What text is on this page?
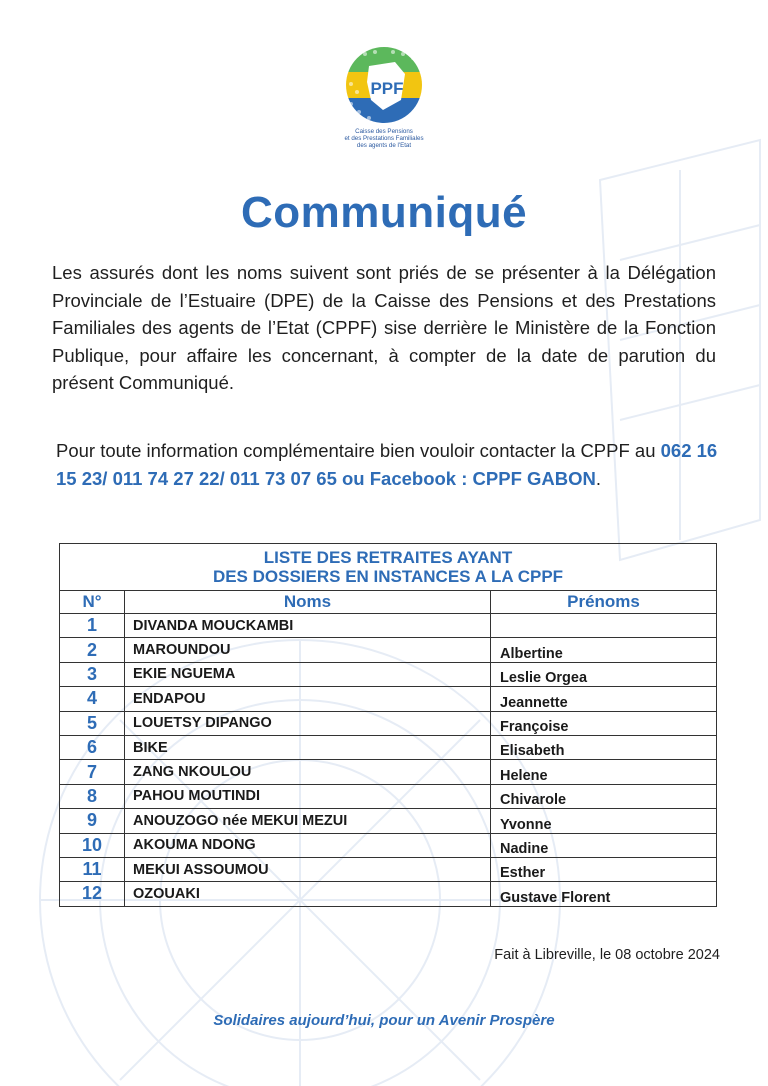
PPF
Caisse des Pensions
et des Prestations Familiales
des agents de l'Etat
Communiqué
Les assurés dont les noms suivent sont priés de se présenter à la Délégation Provinciale de l’Estuaire (DPE) de la Caisse des Pensions et des Prestations Familiales des agents de l’Etat (CPPF) sise derrière le Ministère de la Fonction Publique, pour affaire les concernant, à compter de la date de parution du présent Communiqué.
Pour toute information complémentaire bien vouloir contacter la CPPF au 062 16 15 23/ 011 74 27 22/ 011 73 07 65 ou Facebook : CPPF GABON.
LISTE DES RETRAITES AYANT
DES DOSSIERS EN INSTANCES A LA CPPF		

N°	Noms	Prénoms
1	DIVANDA MOUCKAMBI	
2	MAROUNDOU	Albertine
3	EKIE NGUEMA	Leslie Orgea
4	ENDAPOU	Jeannette
5	LOUETSY DIPANGO	Françoise
6	BIKE	Elisabeth
7	ZANG NKOULOU	Helene
8	PAHOU MOUTINDI	Chivarole
9	ANOUZOGO née MEKUI MEZUI	Yvonne
10	AKOUMA NDONG	Nadine
11	MEKUI ASSOUMOU	Esther
12	OZOUAKI	Gustave Florent
Fait à Libreville, le 08 octobre 2024
Solidaires aujourd’hui, pour un Avenir Prospère
